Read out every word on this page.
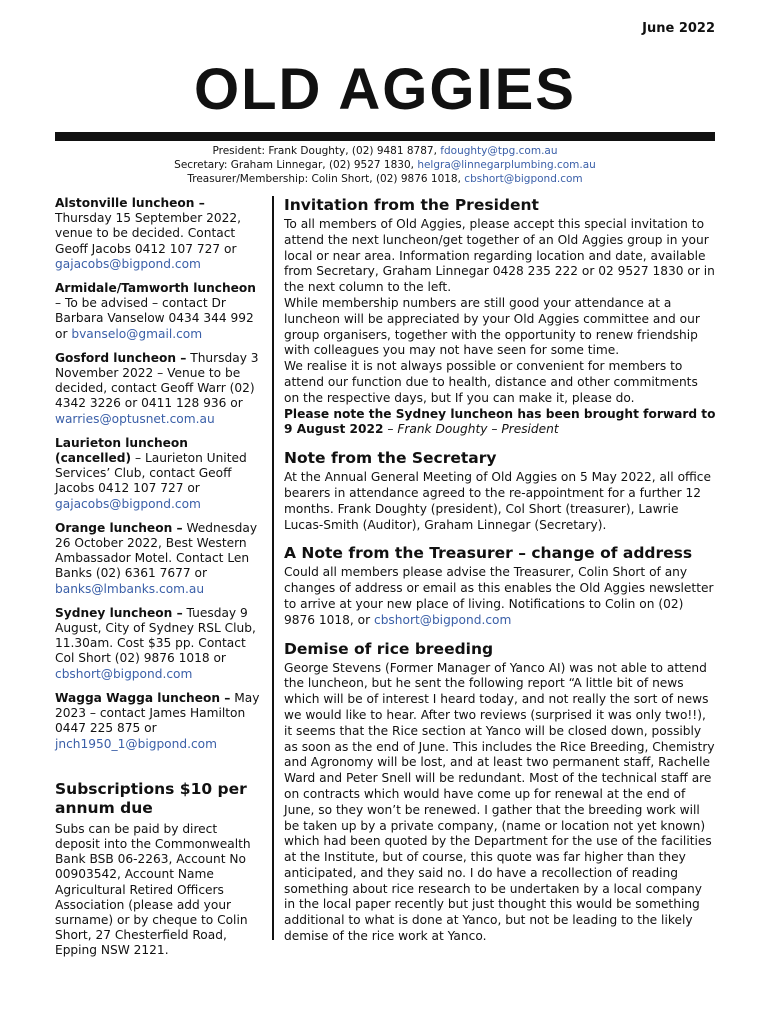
June 2022
OLD AGGIES
President: Frank Doughty, (02) 9481 8787, fdoughty@tpg.com.au
Secretary: Graham Linnegar, (02) 9527 1830, helgra@linnegarplumbing.com.au
Treasurer/Membership: Colin Short, (02) 9876 1018, cbshort@bigpond.com
Alstonville luncheon – Thursday 15 September 2022, venue to be decided. Contact Geoff Jacobs 0412 107 727 or gajacobs@bigpond.com
Armidale/Tamworth luncheon – To be advised – contact Dr Barbara Vanselow 0434 344 992 or bvanselo@gmail.com
Gosford luncheon – Thursday 3 November 2022 – Venue to be decided, contact Geoff Warr (02) 4342 3226 or 0411 128 936 or warries@optusnet.com.au
Laurieton luncheon (cancelled) – Laurieton United Services’ Club, contact Geoff Jacobs 0412 107 727 or gajacobs@bigpond.com
Orange luncheon – Wednesday 26 October 2022, Best Western Ambassador Motel. Contact Len Banks (02) 6361 7677 or banks@lmbanks.com.au
Sydney luncheon – Tuesday 9 August, City of Sydney RSL Club, 11.30am. Cost $35 pp. Contact Col Short (02) 9876 1018 or cbshort@bigpond.com
Wagga Wagga luncheon – May 2023 – contact James Hamilton 0447 225 875 or jnch1950_1@bigpond.com
Subscriptions $10 per annum due
Subs can be paid by direct deposit into the Commonwealth Bank BSB 06-2263, Account No 00903542, Account Name Agricultural Retired Officers Association (please add your surname) or by cheque to Colin Short, 27 Chesterfield Road, Epping NSW 2121.
Invitation from the President

To all members of Old Aggies, please accept this special invitation to attend the next luncheon/get together of an Old Aggies group in your local or near area. Information regarding location and date, available from Secretary, Graham Linnegar 0428 235 222 or 02 9527 1830 or in the next column to the left.

While membership numbers are still good your attendance at a luncheon will be appreciated by your Old Aggies committee and our group organisers, together with the opportunity to renew friendship with colleagues you may not have seen for some time.

We realise it is not always possible or convenient for members to attend our function due to health, distance and other commitments on the respective days, but If you can make it, please do.

Please note the Sydney luncheon has been brought forward to 9 August 2022 – Frank Doughty – President

Note from the Secretary

At the Annual General Meeting of Old Aggies on 5 May 2022, all office bearers in attendance agreed to the re-appointment for a further 12 months. Frank Doughty (president), Col Short (treasurer), Lawrie Lucas-Smith (Auditor), Graham Linnegar (Secretary).

A Note from the Treasurer – change of address

Could all members please advise the Treasurer, Colin Short of any changes of address or email as this enables the Old Aggies newsletter to arrive at your new place of living. Notifications to Colin on (02) 9876 1018, or cbshort@bigpond.com

Demise of rice breeding

George Stevens (Former Manager of Yanco AI) was not able to attend the luncheon, but he sent the following report “A little bit of news which will be of interest I heard today, and not really the sort of news we would like to hear. After two reviews (surprised it was only two!!), it seems that the Rice section at Yanco will be closed down, possibly as soon as the end of June. This includes the Rice Breeding, Chemistry and Agronomy will be lost, and at least two permanent staff, Rachelle Ward and Peter Snell will be redundant. Most of the technical staff are on contracts which would have come up for renewal at the end of June, so they won’t be renewed. I gather that the breeding work will be taken up by a private company, (name or location not yet known) which had been quoted by the Department for the use of the facilities at the Institute, but of course, this quote was far higher than they anticipated, and they said no. I do have a recollection of reading something about rice research to be undertaken by a local company in the local paper recently but just thought this would be something additional to what is done at Yanco, but not be leading to the likely demise of the rice work at Yanco.
